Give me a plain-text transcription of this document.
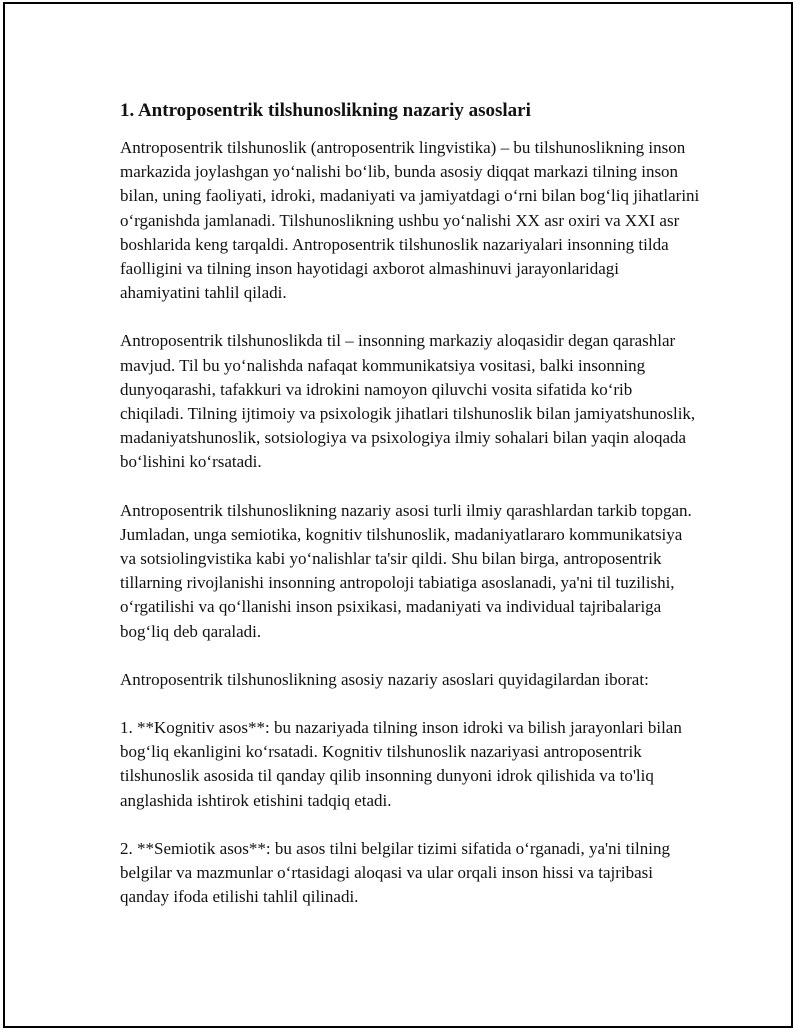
1. Antroposentrik tilshunoslikning nazariy asoslari

Antroposentrik tilshunoslik (antroposentrik lingvistika) – bu tilshunoslikning inson markazida joylashgan yo‘nalishi bo‘lib, bunda asosiy diqqat markazi tilning inson bilan, uning faoliyati, idroki, madaniyati va jamiyatdagi o‘rni bilan bog‘liq jihatlarini o‘rganishda jamlanadi. Tilshunoslikning ushbu yo‘nalishi XX asr oxiri va XXI asr boshlarida keng tarqaldi. Antroposentrik tilshunoslik nazariyalari insonning tilda faolligini va tilning inson hayotidagi axborot almashinuvi jarayonlaridagi ahamiyatini tahlil qiladi.

Antroposentrik tilshunoslikda til – insonning markaziy aloqasidir degan qarashlar mavjud. Til bu yo‘nalishda nafaqat kommunikatsiya vositasi, balki insonning dunyoqarashi, tafakkuri va idrokini namoyon qiluvchi vosita sifatida ko‘rib chiqiladi. Tilning ijtimoiy va psixologik jihatlari tilshunoslik bilan jamiyatshunoslik, madaniyatshunoslik, sotsiologiya va psixologiya ilmiy sohalari bilan yaqin aloqada bo‘lishini ko‘rsatadi.

Antroposentrik tilshunoslikning nazariy asosi turli ilmiy qarashlardan tarkib topgan. Jumladan, unga semiotika, kognitiv tilshunoslik, madaniyatlararo kommunikatsiya va sotsiolingvistika kabi yo‘nalishlar ta'sir qildi. Shu bilan birga, antroposentrik tillarning rivojlanishi insonning antropoloji tabiatiga asoslanadi, ya'ni til tuzilishi, o‘rgatilishi va qo‘llanishi inson psixikasi, madaniyati va individual tajribalariga bog‘liq deb qaraladi.

Antroposentrik tilshunoslikning asosiy nazariy asoslari quyidagilardan iborat:

1. **Kognitiv asos**: bu nazariyada tilning inson idroki va bilish jarayonlari bilan bog‘liq ekanligini ko‘rsatadi. Kognitiv tilshunoslik nazariyasi antroposentrik tilshunoslik asosida til qanday qilib insonning dunyoni idrok qilishida va to'liq anglashida ishtirok etishini tadqiq etadi.

2. **Semiotik asos**: bu asos tilni belgilar tizimi sifatida o‘rganadi, ya'ni tilning belgilar va mazmunlar o‘rtasidagi aloqasi va ular orqali inson hissi va tajribasi qanday ifoda etilishi tahlil qilinadi.
